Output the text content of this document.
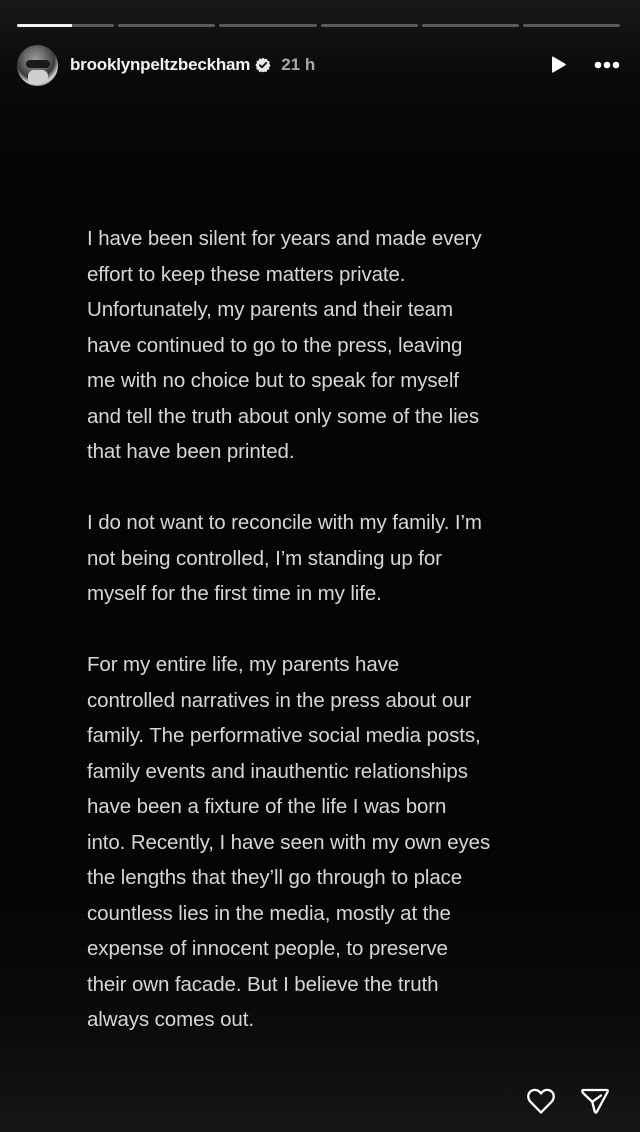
brooklynpeltzbeckham 21 h

I have been silent for years and made every
effort to keep these matters private.
Unfortunately, my parents and their team
have continued to go to the press, leaving
me with no choice but to speak for myself
and tell the truth about only some of the lies
that have been printed.

I do not want to reconcile with my family. I’m
not being controlled, I’m standing up for
myself for the first time in my life.

For my entire life, my parents have
controlled narratives in the press about our
family. The performative social media posts,
family events and inauthentic relationships
have been a fixture of the life I was born
into. Recently, I have seen with my own eyes
the lengths that they’ll go through to place
countless lies in the media, mostly at the
expense of innocent people, to preserve
their own facade. But I believe the truth
always comes out.
